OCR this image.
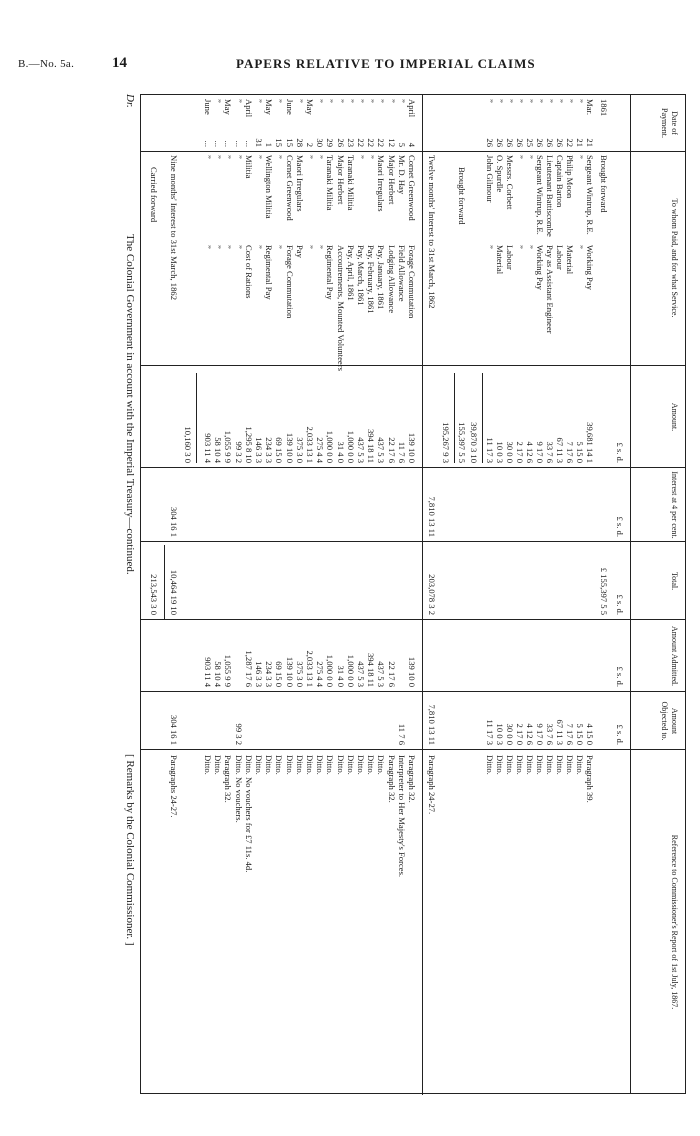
B.—No. 5a.	14	PAPERS RELATIVE TO IMPERIAL CLAIMS
Dr.
The Colonial Government in account with the Imperial Treasury—continued.
[ Remarks by the Colonial Commissioner. ]
Date of Payment.
To whom Paid, and for what Service.
Amount.
Interest at 4 per cent.
Total.
Amount Admitted.
Amount Objected to.
Reference to Commissioner's Report of 1st July, 1867.
£ s. d.
£ s. d.
£ s. d.
£ s. d.
£ s. d.
39,870 3 10
Brought forward
155,397 5 5
195,267 9 3
Twelve months' Interest to 31st March, 1862
7,810 13 11
203,078 3 2
7,810 13 11
Paragraph 24-27.
10,160 3 0
Nine months' Interest to 31st March, 1862
304 16 1
10,464 19 10
304 16 1
Paragraphs 24-27.
Carried forward
213,543 3 0
1861
Brought forward
£ 155,397 5 5
Mar.
21
Sergeant Wintrup, R.E.
Working Pay
39,681 14 1
4 15 0
Paragraph 39.
”
21
”
”
5 15 0
5 15 0
Ditto.
”
22
Philip Moon
Material
7 17 6
7 17 6
Ditto.
”
26
Captain Barton
Labour
67 11 3
67 11 3
Ditto.
”
26
Lieutenant Battiscombe
Pay as Assistant Engineer
33 7 6
33 7 6
Ditto.
”
26
Sergeant Wintrup, R.E.
Working Pay
9 17 0
9 17 0
Ditto.
”
25
”
”
4 12 6
4 12 6
Ditto.
”
26
”
”
2 17 0
2 17 0
Ditto.
”
26
Messrs. Corbett
Labour
30 0 0
30 0 0
Ditto.
”
26
O. Spurdle
Material
10 0 3
10 0 3
Ditto.
”
26
John Gilmour
”
11 17 3
11 17 3
Ditto.
April
4
Cornet Greenwood
Forage Commutation
139 10 0
139 10 0
Paragraph 32.
”
5
Mr. D. Hay
Field Allowance
11 7 6
11 7 6
Interpreter to Her Majesty's Forces.
”
12
Major Herbert
Lodging Allowance
22 17 6
22 17 6
Paragraph 32.
”
22
Maori Irregulars
Pay, January, 1861
437 5 3
437 5 3
Ditto.
”
22
”
Pay, February, 1861
394 18 11
394 18 11
Ditto.
”
22
”
Pay, March, 1861
437 5 3
437 5 3
Ditto.
”
23
Taranaki Militia
Pay, April, 1861
1,000 0 0
1,000 0 0
Ditto.
”
26
Major Herbert
Accoutrements, Mounted Volunteers
31 4 0
31 4 0
Ditto.
”
29
Taranaki Militia
Regimental Pay
1,000 0 0
1,000 0 0
Ditto.
”
30
”
”
275 4 4
275 4 4
Ditto.
May
2
”
”
2,033 13 1
2,033 13 1
Ditto.
”
28
Maori Irregulars
Pay
375 3 0
375 3 0
Ditto.
June
15
Cornet Greenwood
Forage Commutation
139 10 0
139 10 0
Ditto.
”
15
”
”
69 15 0
69 15 0
Ditto.
May
1
Wellington Militia
Regimental Pay
234 3 3
234 3 3
Ditto.
”
31
”
”
146 3 3
146 3 3
Ditto.
April
...
Militia
Cost of Rations
1,295 8 10
1,287 17 6
Ditto. No vouchers for £7 11s. 4d.
”
...
”
”
99 3 2
99 3 2
Ditto. No vouchers.
May
...
”
”
1,055 9 9
1,055 9 9
Paragraph 32.
”
...
”
”
58 10 4
58 10 4
Ditto.
June
...
”
”
903 11 4
903 11 4
Ditto.
